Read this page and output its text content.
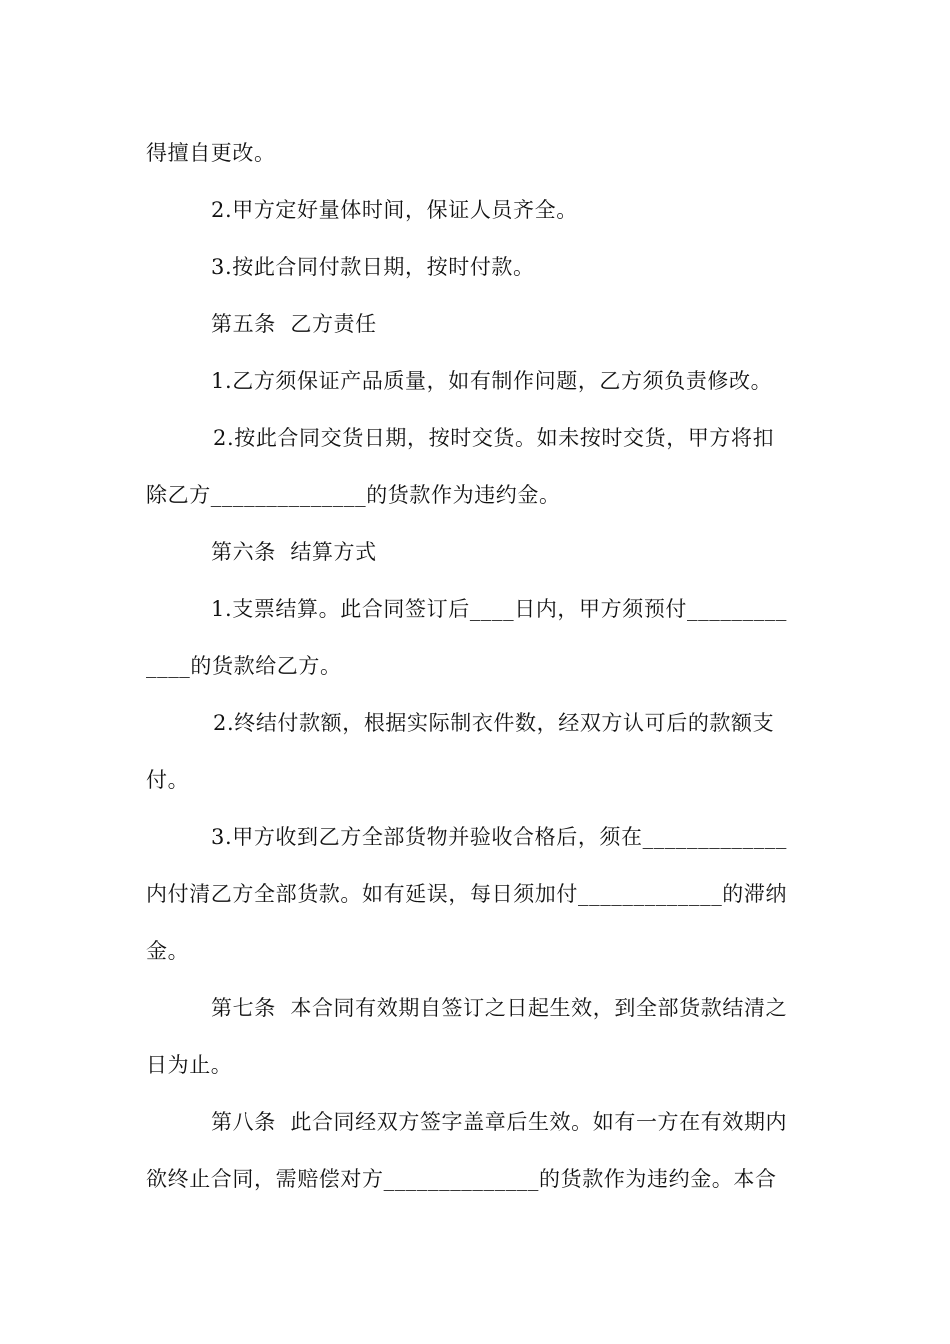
得擅自更改。
2.甲方定好量体时间，保证人员齐全。
3.按此合同付款日期，按时付款。
第五条  乙方责任
1.乙方须保证产品质量，如有制作问题，乙方须负责修改。
2.按此合同交货日期，按时交货。如未按时交货，甲方将扣
除乙方______________的货款作为违约金。
第六条  结算方式
1.支票结算。此合同签订后____日内，甲方须预付_________
____的货款给乙方。
2.终结付款额，根据实际制衣件数，经双方认可后的款额支
付。
3.甲方收到乙方全部货物并验收合格后，须在_____________
内付清乙方全部货款。如有延误，每日须加付_____________的滞纳
金。
第七条  本合同有效期自签订之日起生效，到全部货款结清之
日为止。
第八条  此合同经双方签字盖章后生效。如有一方在有效期内
欲终止合同，需赔偿对方______________的货款作为违约金。本合
